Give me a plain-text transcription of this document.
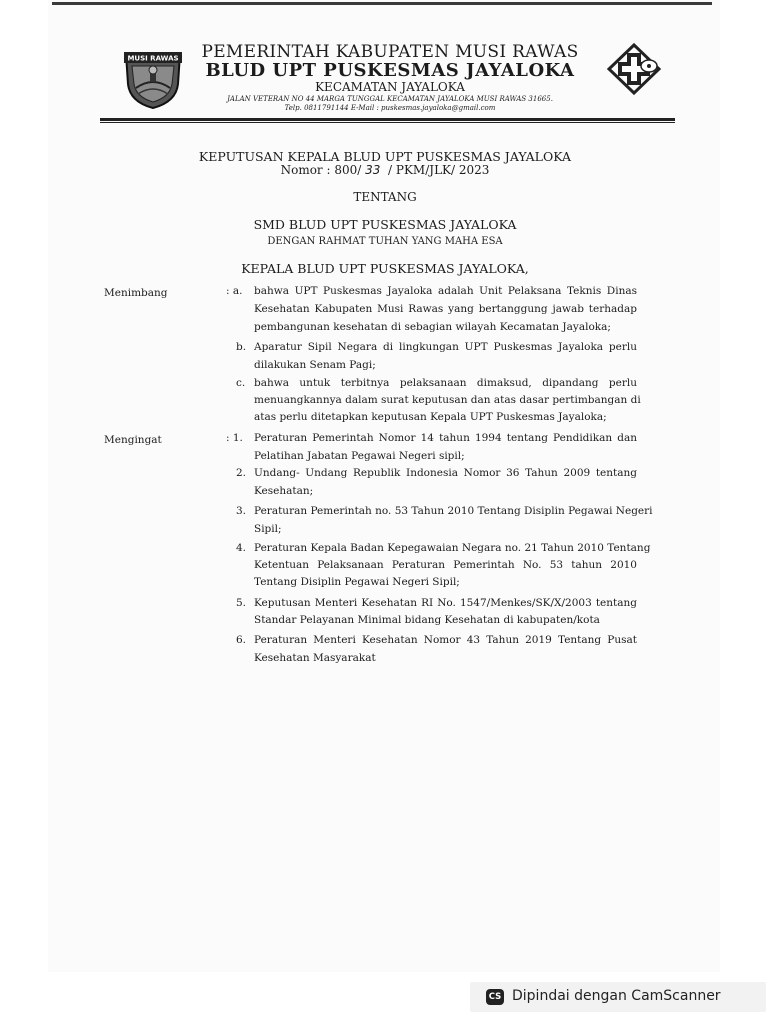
MUSI RAWAS	PEMERINTAH KABUPATEN MUSI RAWAS
BLUD UPT PUSKESMAS JAYALOKA
KECAMATAN JAYALOKA
JALAN VETERAN NO 44 MARGA TUNGGAL KECAMATAN JAYALOKA MUSI RAWAS 31665.
Telp. 0811791144 E-Mail : puskesmas.jayaloka@gmail.com
KEPUTUSAN KEPALA BLUD UPT PUSKESMAS JAYALOKA
Nomor : 800/ 33 / PKM/JLK/ 2023
TENTANG
SMD BLUD UPT PUSKESMAS JAYALOKA
DENGAN RAHMAT TUHAN YANG MAHA ESA
KEPALA BLUD UPT PUSKESMAS JAYALOKA,
Menimbang	: a. bahwa UPT Puskesmas Jayaloka adalah Unit Pelaksana Teknis Dinas
Kesehatan Kabupaten Musi Rawas yang bertanggung jawab terhadap
pembangunan kesehatan di sebagian wilayah Kecamatan Jayaloka;
b. Aparatur Sipil Negara di lingkungan UPT Puskesmas Jayaloka perlu
dilakukan Senam Pagi;
c. bahwa untuk terbitnya pelaksanaan dimaksud, dipandang perlu
menuangkannya dalam surat keputusan dan atas dasar pertimbangan di
atas perlu ditetapkan keputusan Kepala UPT Puskesmas Jayaloka;
Mengingat	: 1. Peraturan Pemerintah Nomor 14 tahun 1994 tentang Pendidikan dan
Pelatihan Jabatan Pegawai Negeri sipil;
2. Undang- Undang Republik Indonesia Nomor 36 Tahun 2009 tentang
Kesehatan;
3. Peraturan Pemerintah no. 53 Tahun 2010 Tentang Disiplin Pegawai Negeri
Sipil;
4. Peraturan Kepala Badan Kepegawaian Negara no. 21 Tahun 2010 Tentang
Ketentuan Pelaksanaan Peraturan Pemerintah No. 53 tahun 2010
Tentang Disiplin Pegawai Negeri Sipil;
5. Keputusan Menteri Kesehatan RI No. 1547/Menkes/SK/X/2003 tentang
Standar Pelayanan Minimal bidang Kesehatan di kabupaten/kota
6. Peraturan Menteri Kesehatan Nomor 43 Tahun 2019 Tentang Pusat
Kesehatan Masyarakat
CS Dipindai dengan CamScanner
